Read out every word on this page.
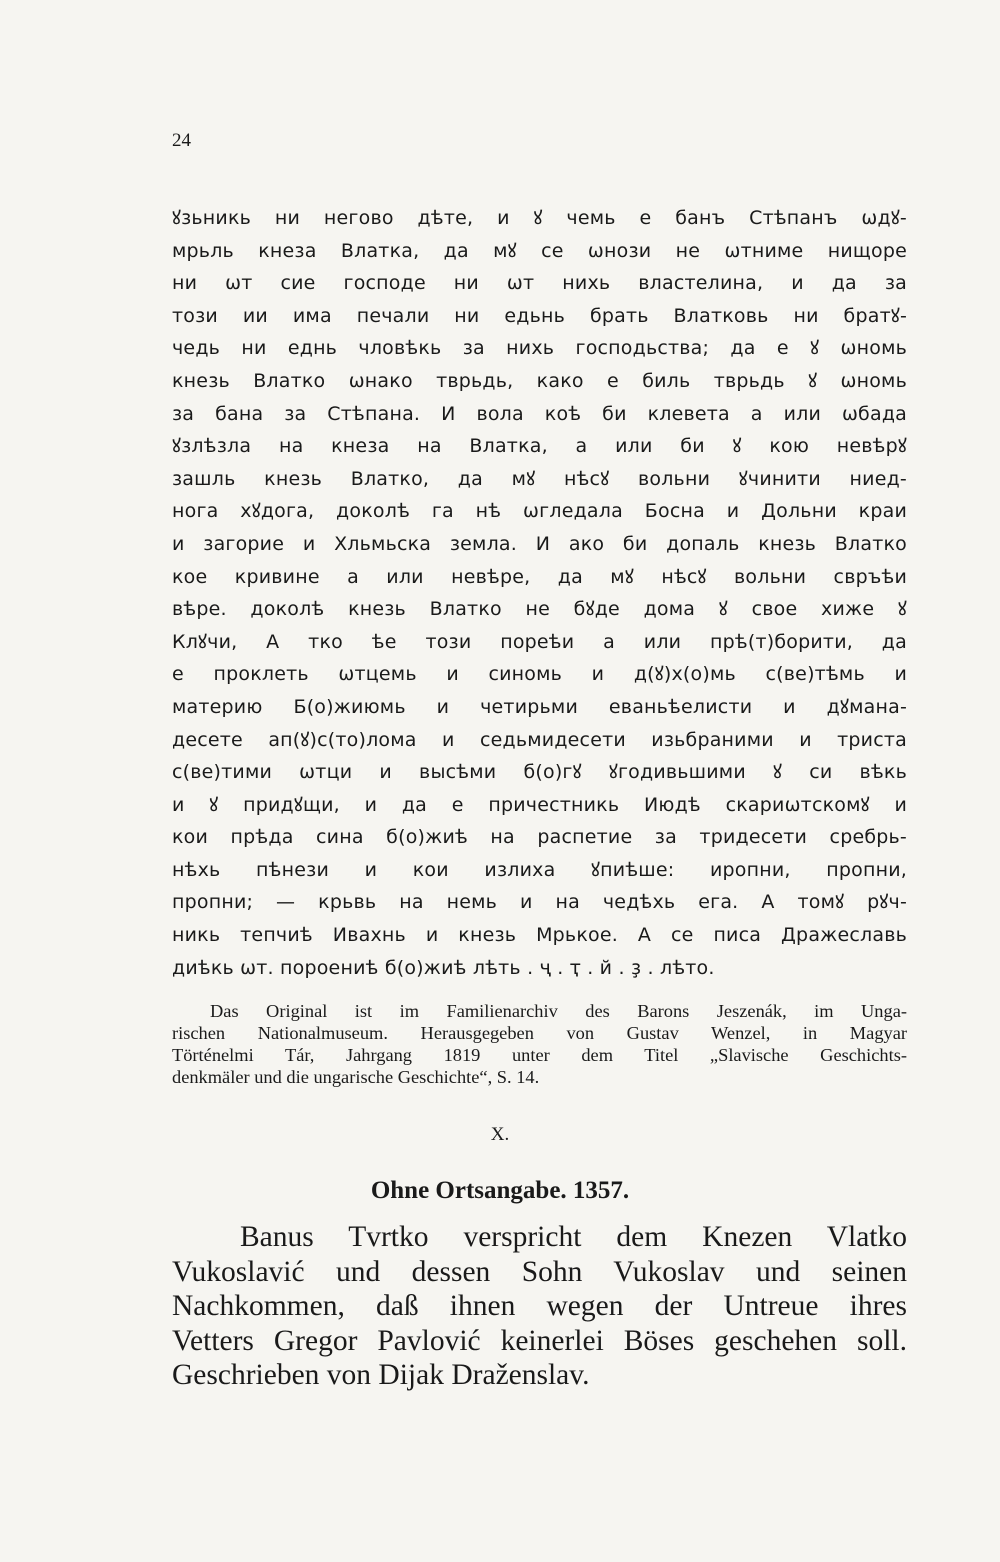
24
ꙋзьникь ни негово дѣте, и ꙋ чемь е банъ Стѣпанъ ѡдꙋ-
мрьль кнеза Влатка, да мꙋ се ѡнози не ѡтниме нищоре
ни ѡт сие господе ни ѡт нихь властелина, и да за
този ии има печали ни едьнь брать Влатковь ни братꙋ-
чедь ни еднь чловѣкь за нихь господьства; да е ꙋ ѡномь
кнезь Влатко ѡнако тврьдь, како е биль тврьдь ꙋ ѡномь
за бана за Стѣпана. И вола коѣ би клевета а или ѡбада
ꙋзлѣзла на кнеза на Влатка, а или би ꙋ кою невѣрꙋ
зашль кнезь Влатко, да мꙋ нѣсꙋ вольни ꙋчинити ниед-
нога хꙋдога, доколѣ га нѣ ѡгледала Босна и Дольни краи
и загорие и Хльмьска земла. И ако би допаль кнезь Влатко
кое кривине а или невѣре, да мꙋ нѣсꙋ вольни свръѣи
вѣре. доколѣ кнезь Влатко не бꙋде дома ꙋ свое хиже ꙋ
Клꙋчи, А тко ѣе този пореѣи а или прѣ(т)борити, да
е проклеть ѡтцемь и синомь и д(ꙋ)х(о)мь с(ве)тѣмь и
материю Б(о)жиюмь и четирьми еваньѣелисти и дꙋмана-
десете ап(ꙋ)с(то)лома и седьмидесети изьбраними и триста
с(ве)тими ѡтци и высѣми б(о)гꙋ ꙋгодивьшими ꙋ си вѣкь
и ꙋ придꙋщи, и да е причестникь Июдѣ скариѡтскомꙋ и
кои прѣда сина б(о)жиѣ на распетие за тридесети сребрь-
нѣхь пѣнези и кои излиха ꙋпиѣше: иропни, пропни,
пропни; — крьвь на немь и на чедѣхь ега. А томꙋ рꙋч-
никь тепчиѣ Ивахнь и кнезь Мрькое. А се писа Дражеславь
диѣкь ѡт. пороениѣ б(о)жиѣ лѣть . ҷ . ҭ . й . ҙ . лѣто.
Das Original ist im Familienarchiv des Barons Jeszenák, im Unga-
rischen Nationalmuseum. Herausgegeben von Gustav Wenzel, in Magyar
Történelmi Tár, Jahrgang 1819 unter dem Titel „Slavische Geschichts-
denkmäler und die ungarische Geschichte“, S. 14.
X.
Ohne Ortsangabe. 1357.
Banus Tvrtko verspricht dem Knezen Vlatko
Vukoslavić und dessen Sohn Vukoslav und seinen
Nachkommen, daß ihnen wegen der Untreue ihres
Vetters Gregor Pavlović keinerlei Böses geschehen soll.
Geschrieben von Dijak Draženslav.
